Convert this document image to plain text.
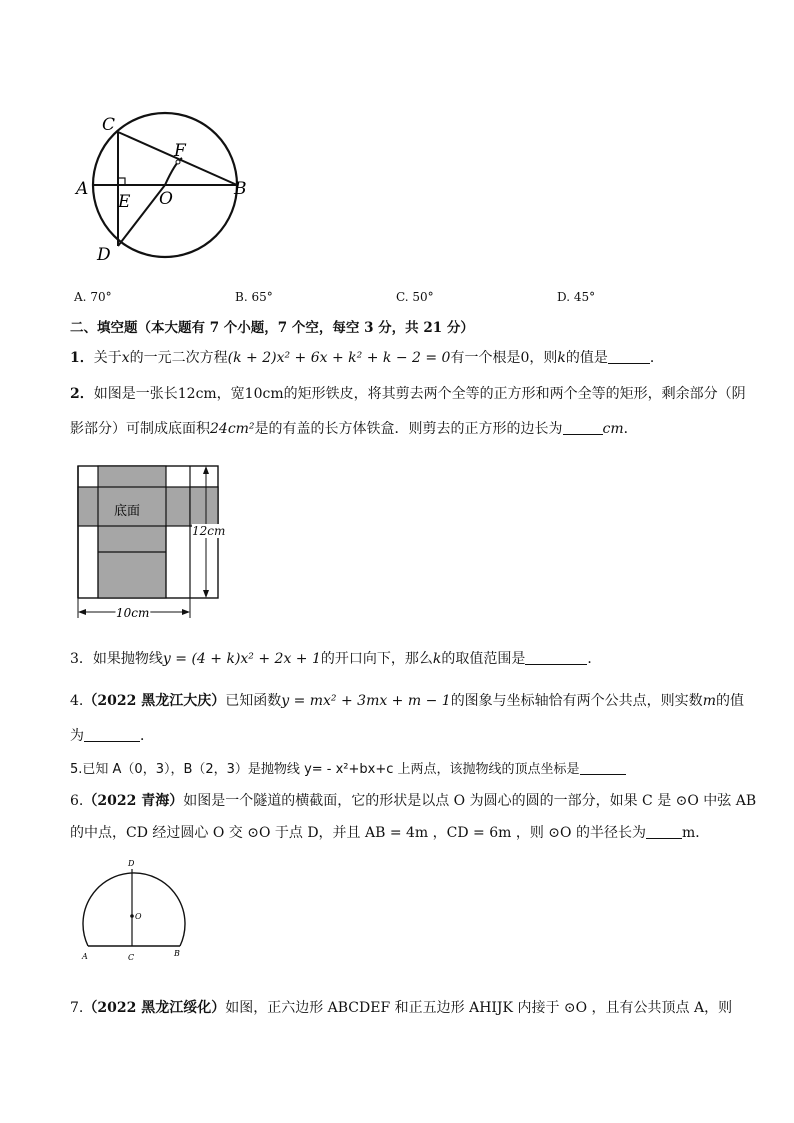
C
F
A
E O	B
D
A. 70°	B. 65°	C. 50°	D. 45°
二、填空题（本大题有 7 个小题，7 个空，每空 3 分，共 21 分）
1．关于x的一元二次方程(k + 2)x² + 6x + k² + k − 2 = 0有一个根是0，则k的值是	．
2．如图是一张长12cm，宽10cm的矩形铁皮，将其剪去两个全等的正方形和两个全等的矩形，剩余部分（阴
影部分）可制成底面积24cm²是的有盖的长方体铁盒．则剪去的正方形的边长为	cm．
底面
10cm
12cm
3．如果抛物线y = (4 + k)x² + 2x + 1的开口向下，那么k的取值范围是	．
4.（2022 黑龙江大庆）已知函数y = mx² + 3mx + m − 1的图象与坐标轴恰有两个公共点，则实数m的值
为	．
5.已知 A（0，3），B（2，3）是抛物线 y= - x²+bx+c 上两点，该抛物线的顶点坐标是
6.（2022 青海）如图是一个隧道的横截面，它的形状是以点 O 为圆心的圆的一部分，如果 C 是 ⊙O 中弦 AB
的中点，CD 经过圆心 O 交 ⊙O 于点 D，并且 AB = 4m ，CD = 6m ，则 ⊙O 的半径长为	m．
D
O
A	C	B
7.（2022 黑龙江绥化）如图，正六边形 ABCDEF 和正五边形 AHIJK 内接于 ⊙O ，且有公共顶点 A，则
